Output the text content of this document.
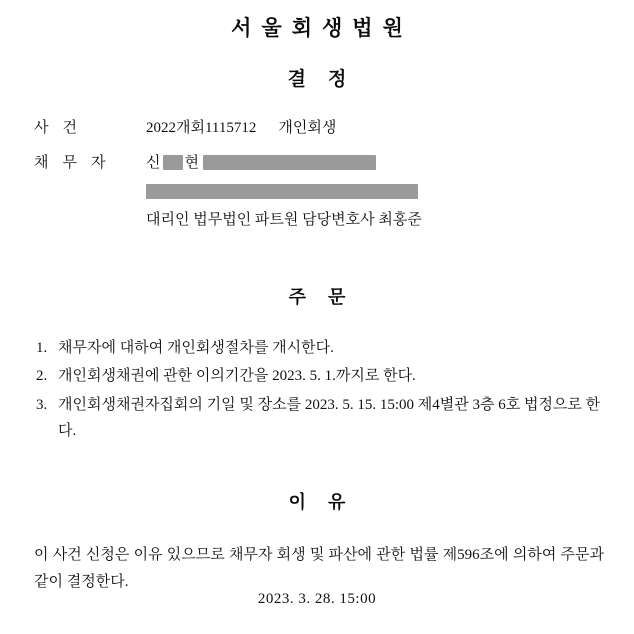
서울회생법원
결정
사건	2022개회1115712 개인회생
채무자	신 현
대리인 법무법인 파트원 담당변호사 최홍준
주문
1. 채무자에 대하여 개인회생절차를 개시한다.
2. 개인회생채권에 관한 이의기간을 2023. 5. 1.까지로 한다.
3. 개인회생채권자집회의 기일 및 장소를 2023. 5. 15. 15:00 제4별관 3층 6호 법정으로 한다.
이유
이 사건 신청은 이유 있으므로 채무자 회생 및 파산에 관한 법률 제596조에 의하여 주문과 같이 결정한다.
2023. 3. 28. 15:00
